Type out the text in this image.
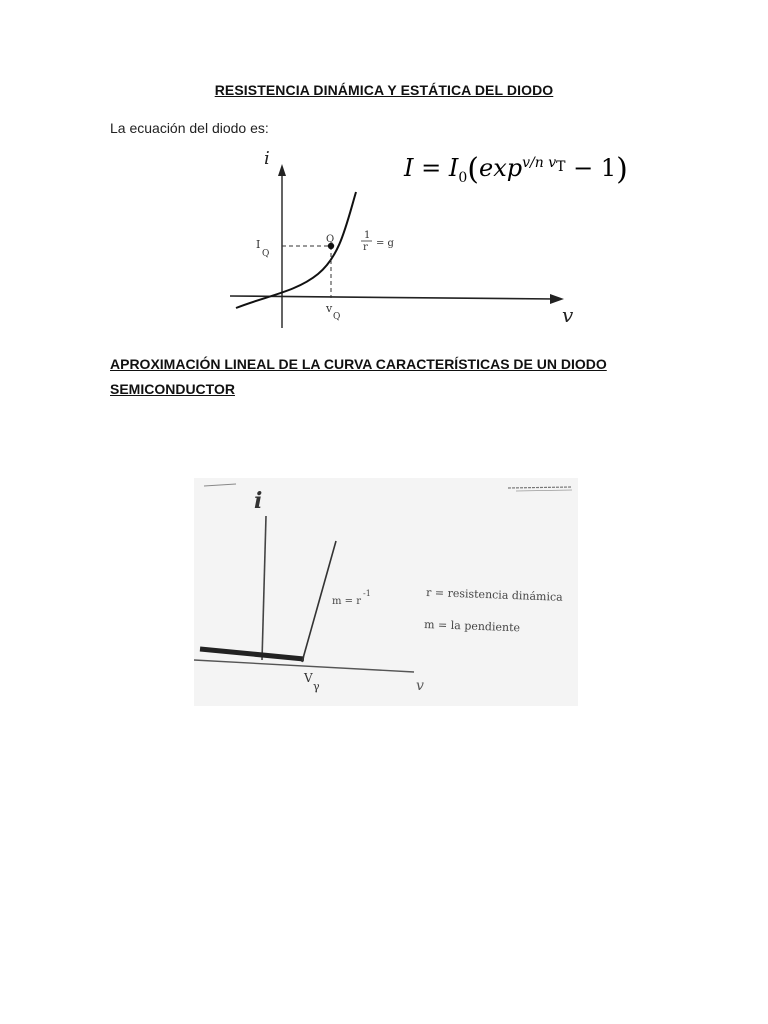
RESISTENCIA DINÁMICA Y ESTÁTICA DEL DIODO
La ecuación del diodo es:
Q
i
v
I
Q
v
Q
1
r = g
$I = I_0(\exp^{v/n v_T} - 1)$
APROXIMACIÓN LINEAL DE LA CURVA CARACTERÍSTICAS DE UN DIODO SEMICONDUCTOR
i
v
V
γ
m = r
-1	r = resistencia dinámica
m = la pendiente
